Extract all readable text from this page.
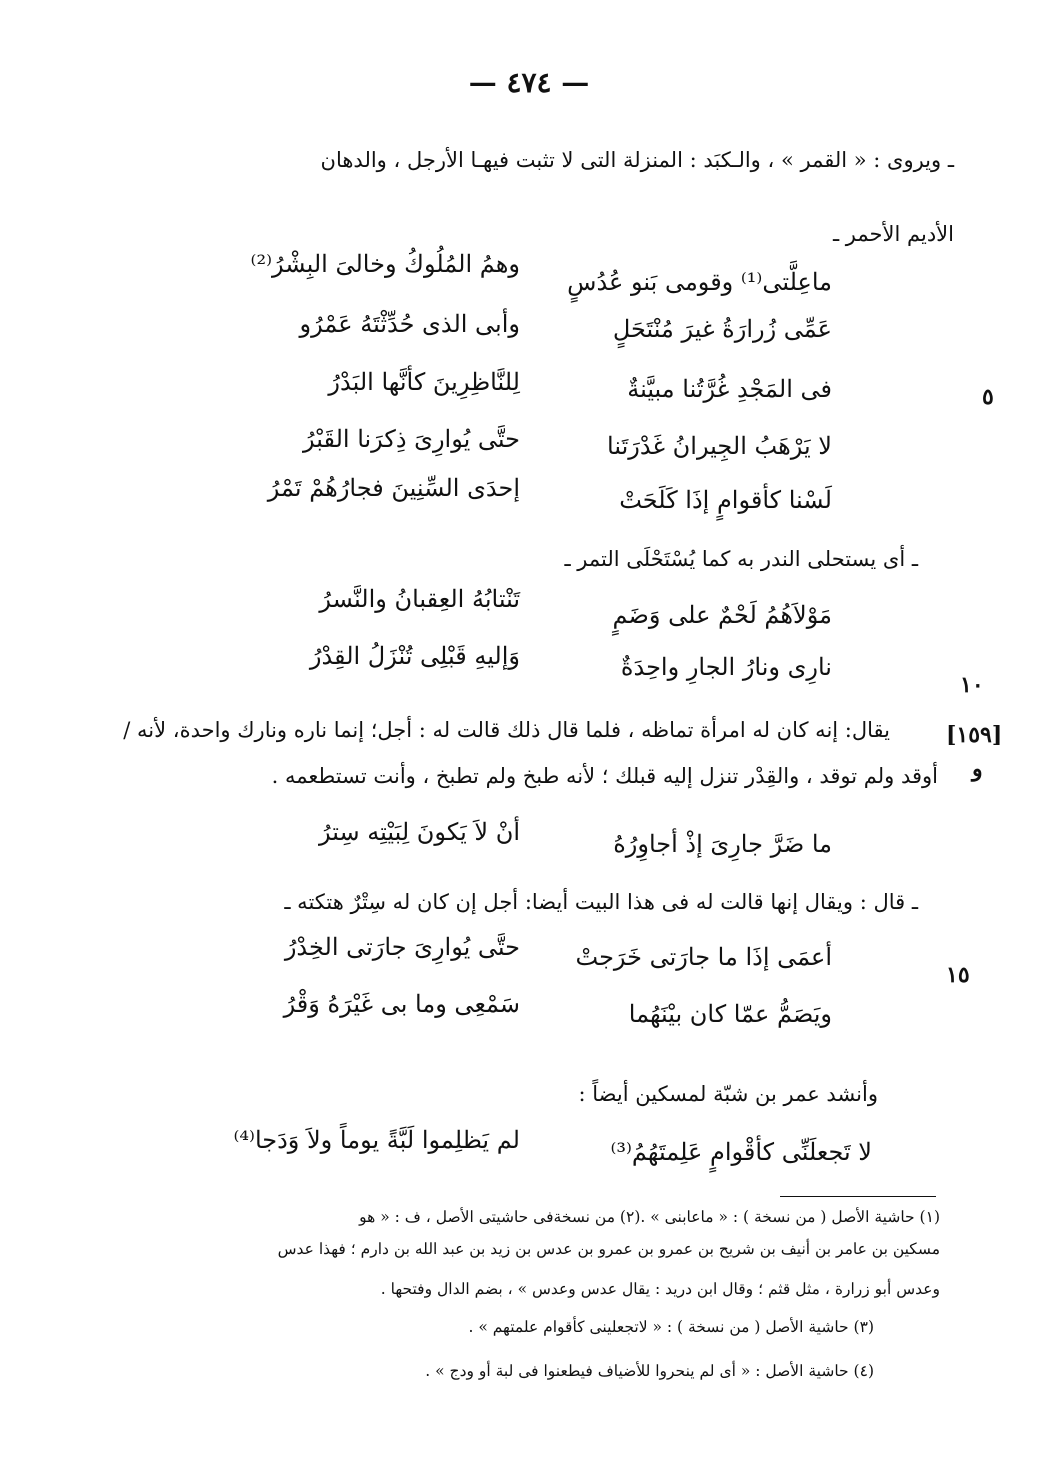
— ٤٧٤ —
ـ ويروى : « القمر » ، والـكبَد : المنزلة التى لا تثبت فيهـا الأرجل ، والدهان
الأديم الأحمر ـ
ماعِلَّتى⁽¹⁾ وقومى بَنو عُدُسٍ
وهمُ المُلُوكُ وخالىَ البِشْرُ⁽²⁾
عَمِّى زُرارَةُ غيرَ مُنْتَحَلٍ
وأبى الذى حُدِّثْتَهُ عَمْرُو
فى المَجْدِ غُرَّتُنا مبيَّنةٌ
لِلنَّاظِرِينَ كأنَّها البَدْرُ
٥
لا يَرْهَبُ الجِيرانُ غَدْرَتَنا
حتَّى يُوارِىَ ذِكرَنا القَبْرُ
لَسْنا كأقوامٍ إذَا كَلَحَتْ
إحدَى السِّنِينَ فجارُهُمْ تَمْرُ
ـ أى يستحلى الندر به كما يُسْتَحْلَى التمر ـ
مَوْلاَهُمُ لَحْمٌ على وَضَمٍ
تَنْتابُهُ العِقبانُ والنَّسرُ
نارِى ونارُ الجارِ واحِدَةٌ
وَإليهِ قَبْلِى تُنْزَلُ القِدْرُ
١٠
[١٥٩]
و
يقال: إنه كان له امرأة تماظه ، فلما قال ذلك قالت له : أجل؛ إنما ناره ونارك واحدة، لأنه /
أوقد ولم توقد ، والقِدْر تنزل إليه قبلك ؛ لأنه طبخ ولم تطبخ ، وأنت تستطعمه .
ما ضَرَّ جارِىَ إذْ أجاوِرُهُ
أنْ لاَ يَكونَ لِبَيْتِه سِترُ
ـ قال : ويقال إنها قالت له فى هذا البيت أيضا: أجل إن كان له سِتْرٌ هتكته ـ
أعمَى إذَا ما جارَتى خَرَجتْ
حتَّى يُوارِىَ جارَتى الخِدْرُ
١٥
ويَصَمُّ عمّا كان بيْنَهُما
سَمْعِى وما بى غَيْرَهُ وَقْرُ
وأنشد عمر بن شبّة لمسكين أيضاً :
لا تَجعلَنِّى كأقْوامٍ عَلِمتَهُمُ⁽³⁾
لم يَظلِموا لَبَّةً يوماً ولاَ وَدَجا⁽⁴⁾
(١) حاشية الأصل ( من نسخة ) : « ماعابنى » .(٢) من نسخةفى حاشيتى الأصل ، ف : « هو
مسكين بن عامر بن أنيف بن شريح بن عمرو بن عمرو بن عدس بن زيد بن عبد الله بن دارم ؛ فهذا عدس
وعدس أبو زرارة ، مثل قثم ؛ وقال ابن دريد : يقال عدس وعدس » ، بضم الدال وفتحها .
(٣) حاشية الأصل ( من نسخة ) : « لاتجعلينى كأقوام علمتهم » .
(٤) حاشية الأصل : « أى لم ينحروا للأضياف فيطعنوا فى لبة أو ودج » .
